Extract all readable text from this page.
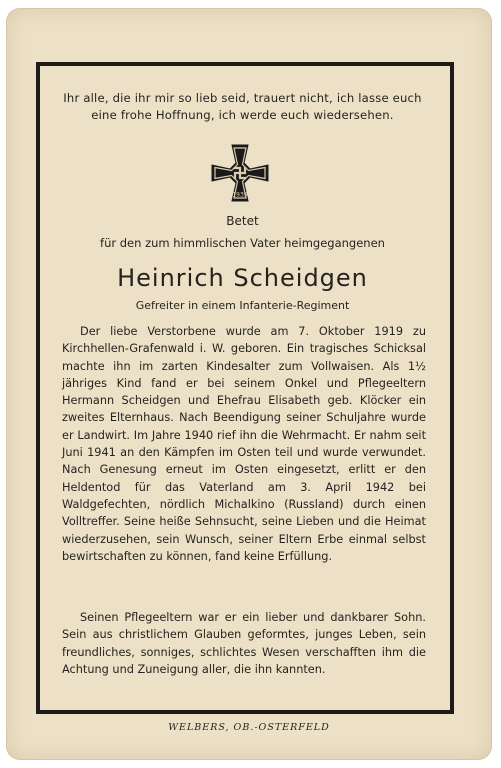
Ihr alle, die ihr mir so lieb seid, trauert nicht, ich lasse euch eine frohe Hoffnung, ich werde euch wiedersehen.
1939
Betet
für den zum himmlischen Vater heimgegangenen
Heinrich Scheidgen
Gefreiter in einem Infanterie-Regiment
Der liebe Verstorbene wurde am 7. Oktober 1919 zu Kirchhellen-Grafenwald i. W. geboren. Ein tragisches Schicksal machte ihn im zarten Kindesalter zum Vollwaisen. Als 1½ jähriges Kind fand er bei seinem Onkel und Pflegeeltern Hermann Scheidgen und Ehefrau Elisabeth geb. Klöcker ein zweites Elternhaus. Nach Beendigung seiner Schuljahre wurde er Landwirt. Im Jahre 1940 rief ihn die Wehrmacht. Er nahm seit Juni 1941 an den Kämpfen im Osten teil und wurde verwundet. Nach Genesung erneut im Osten eingesetzt, erlitt er den Heldentod für das Vaterland am 3. April 1942 bei Waldgefechten, nördlich Michalkino (Russland) durch einen Volltreffer. Seine heiße Sehnsucht, seine Lieben und die Heimat wiederzusehen, sein Wunsch, seiner Eltern Erbe einmal selbst bewirtschaften zu können, fand keine Erfüllung.
Seinen Pflegeeltern war er ein lieber und dankbarer Sohn. Sein aus christlichem Glauben geformtes, junges Leben, sein freundliches, sonniges, schlichtes Wesen verschafften ihm die Achtung und Zuneigung aller, die ihn kannten.
WELBERS, OB.-OSTERFELD
